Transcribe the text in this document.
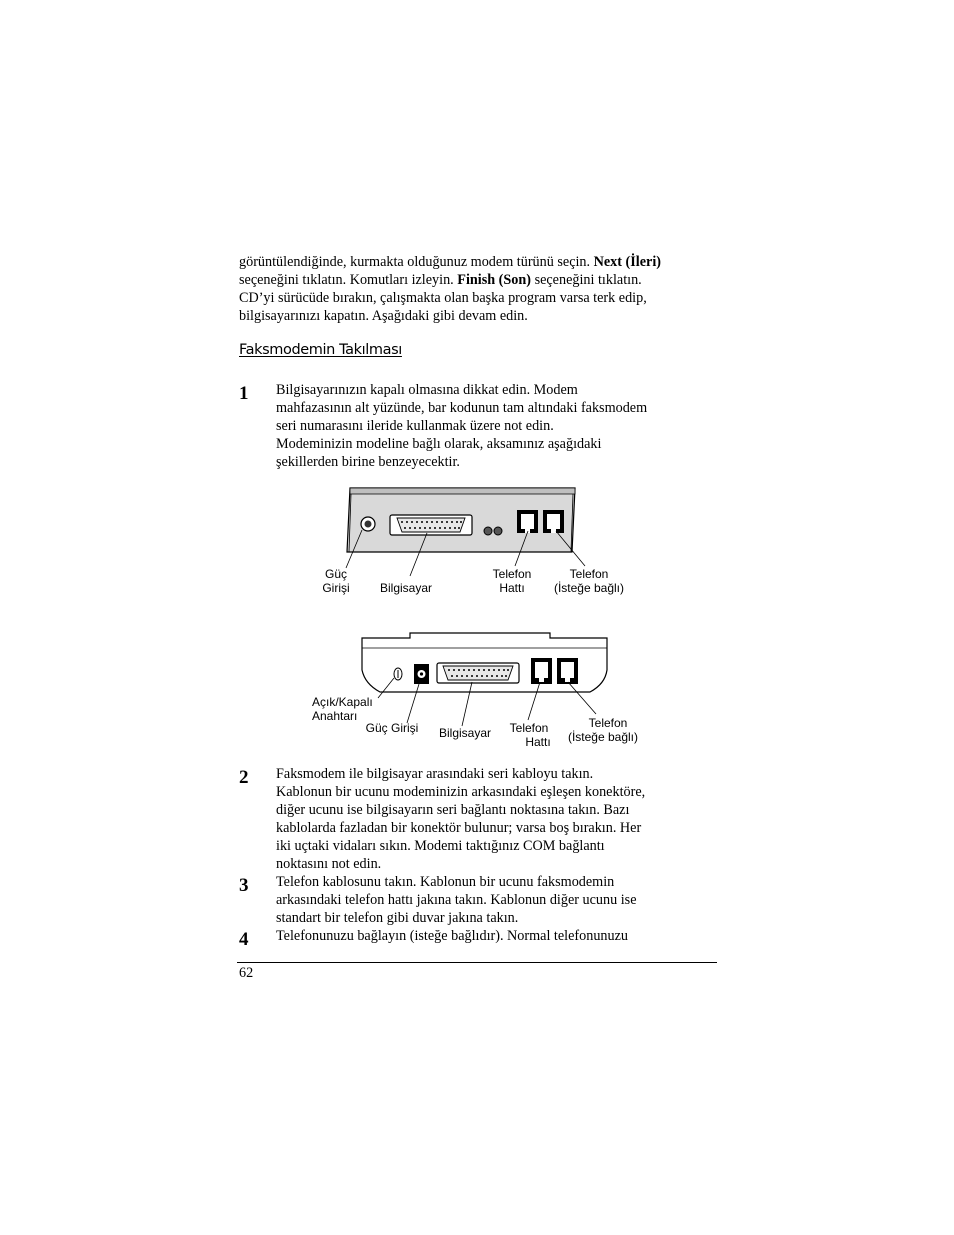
görüntülendiğinde, kurmakta olduğunuz modem türünü seçin. Next (İleri)
seçeneğini tıklatın. Komutları izleyin. Finish (Son) seçeneğini tıklatın.
CD’yi sürücüde bırakın, çalışmakta olan başka program varsa terk edip,
bilgisayarınızı kapatın. Aşağıdaki gibi devam edin.

Faksmodemin Takılması
1 Bilgisayarınızın kapalı olmasına dikkat edin. Modem
mahfazasının alt yüzünde, bar kodunun tam altındaki faksmodem
seri numarasını ileride kullanmak üzere not edin.
Modeminizin modeline bağlı olarak, aksamınız aşağıdaki
şekillerden birine benzeyecektir.

Güç
Girişi	Bilgisayar
Telefon
Hattı
Telefon
(İsteğe bağlı)
Açık/Kapalı
Anahtarı
Güç Girişi Bilgisayar Telefon
Hattı
Telefon
(İsteğe bağlı)
2 Faksmodem ile bilgisayar arasındaki seri kabloyu takın.
Kablonun bir ucunu modeminizin arkasındaki eşleşen konektöre,
diğer ucunu ise bilgisayarın seri bağlantı noktasına takın. Bazı
kablolarda fazladan bir konektör bulunur; varsa boş bırakın. Her
iki uçtaki vidaları sıkın. Modemi taktığınız COM bağlantı
noktasını not edin.

3 Telefon kablosunu takın. Kablonun bir ucunu faksmodemin
arkasındaki telefon hattı jakına takın. Kablonun diğer ucunu ise
standart bir telefon gibi duvar jakına takın.

4 Telefonunuzu bağlayın (isteğe bağlıdır). Normal telefonunuzu

62
